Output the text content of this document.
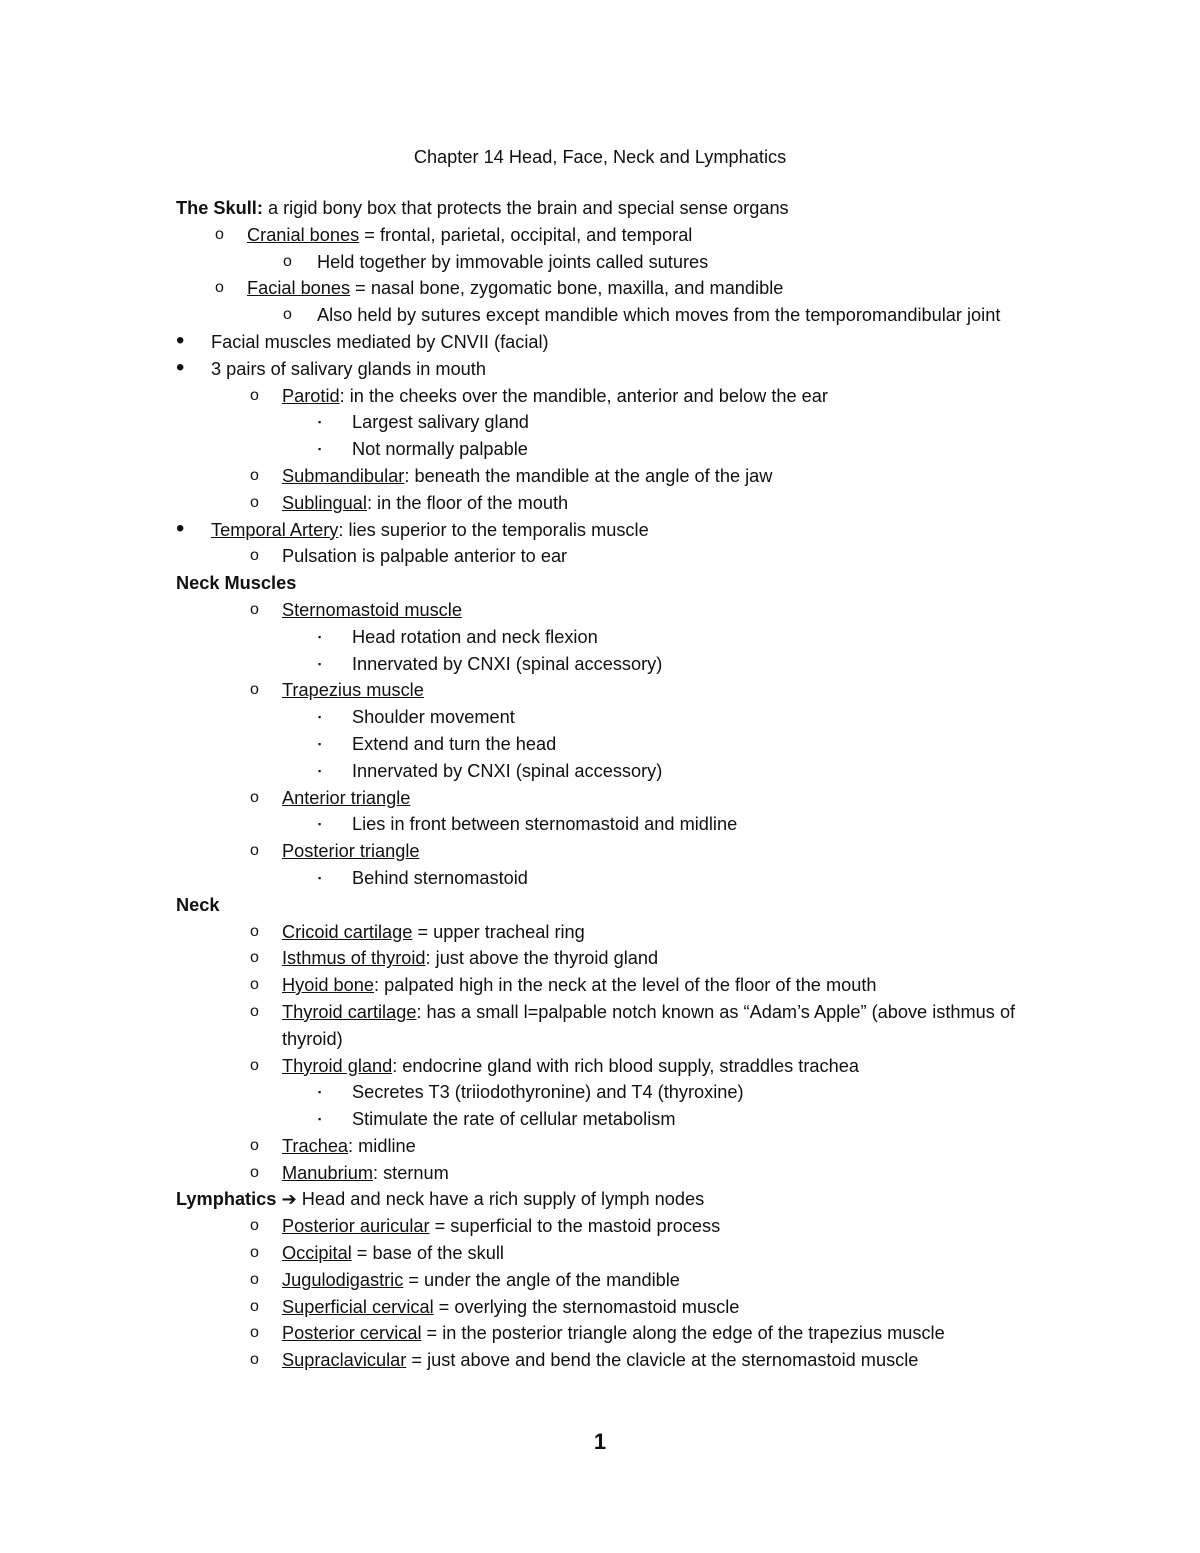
Chapter 14 Head, Face, Neck and Lymphatics
The Skull: a rigid bony box that protects the brain and special sense organs
o Cranial bones = frontal, parietal, occipital, and temporal
o Held together by immovable joints called sutures
o Facial bones = nasal bone, zygomatic bone, maxilla, and mandible
o Also held by sutures except mandible which moves from the temporomandibular joint
• Facial muscles mediated by CNVII (facial)
• 3 pairs of salivary glands in mouth
o Parotid: in the cheeks over the mandible, anterior and below the ear
▪ Largest salivary gland
▪ Not normally palpable
o Submandibular: beneath the mandible at the angle of the jaw
o Sublingual: in the floor of the mouth
• Temporal Artery: lies superior to the temporalis muscle
o Pulsation is palpable anterior to ear
Neck Muscles
o Sternomastoid muscle
▪ Head rotation and neck flexion
▪ Innervated by CNXI (spinal accessory)
o Trapezius muscle
▪ Shoulder movement
▪ Extend and turn the head
▪ Innervated by CNXI (spinal accessory)
o Anterior triangle
▪ Lies in front between sternomastoid and midline
o Posterior triangle
▪ Behind sternomastoid
Neck
o Cricoid cartilage = upper tracheal ring
o Isthmus of thyroid: just above the thyroid gland
o Hyoid bone: palpated high in the neck at the level of the floor of the mouth
o Thyroid cartilage: has a small l=palpable notch known as “Adam’s Apple” (above isthmus of thyroid)
o Thyroid gland: endocrine gland with rich blood supply, straddles trachea
▪ Secretes T3 (triiodothyronine) and T4 (thyroxine)
▪ Stimulate the rate of cellular metabolism
o Trachea: midline
o Manubrium: sternum
Lymphatics ➔ Head and neck have a rich supply of lymph nodes
o Posterior auricular = superficial to the mastoid process
o Occipital = base of the skull
o Jugulodigastric = under the angle of the mandible
o Superficial cervical = overlying the sternomastoid muscle
o Posterior cervical = in the posterior triangle along the edge of the trapezius muscle
o Supraclavicular = just above and bend the clavicle at the sternomastoid muscle
1
